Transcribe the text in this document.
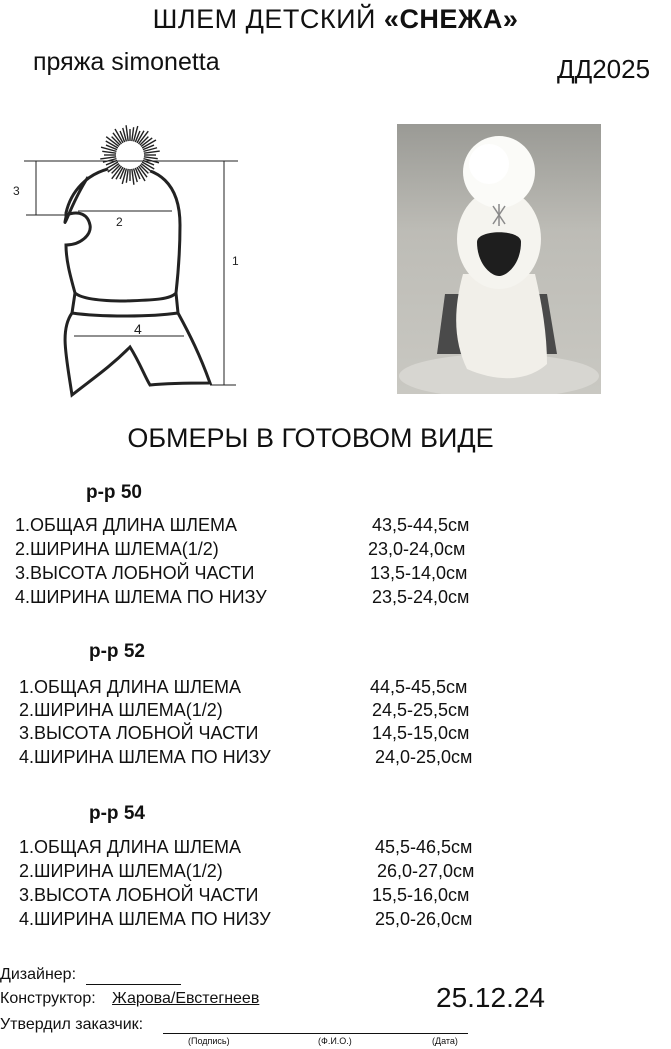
ШЛЕМ ДЕТСКИЙ «СНЕЖА»
пряжа simonetta	ДД2025
1
2
3
4
ОБМЕРЫ В ГОТОВОМ ВИДЕ
р-р 50
1.ОБЩАЯ ДЛИНА ШЛЕМА	43,5-44,5см
2.ШИРИНА ШЛЕМА(1/2)	23,0-24,0см
3.ВЫСОТА ЛОБНОЙ ЧАСТИ	13,5-14,0см
4.ШИРИНА ШЛЕМА ПО НИЗУ	23,5-24,0см
р-р 52
1.ОБЩАЯ ДЛИНА ШЛЕМА	44,5-45,5см
2.ШИРИНА ШЛЕМА(1/2)	24,5-25,5см
3.ВЫСОТА ЛОБНОЙ ЧАСТИ	14,5-15,0см
4.ШИРИНА ШЛЕМА ПО НИЗУ	24,0-25,0см
р-р 54
1.ОБЩАЯ ДЛИНА ШЛЕМА	45,5-46,5см
2.ШИРИНА ШЛЕМА(1/2)	26,0-27,0см
3.ВЫСОТА ЛОБНОЙ ЧАСТИ	15,5-16,0см
4.ШИРИНА ШЛЕМА ПО НИЗУ	25,0-26,0см
Дизайнер:
Конструктор: Жарова/Евстегнеев
Утвердил заказчик:
(Подпись)	(Ф.И.О.)	(Дата)
25.12.24
